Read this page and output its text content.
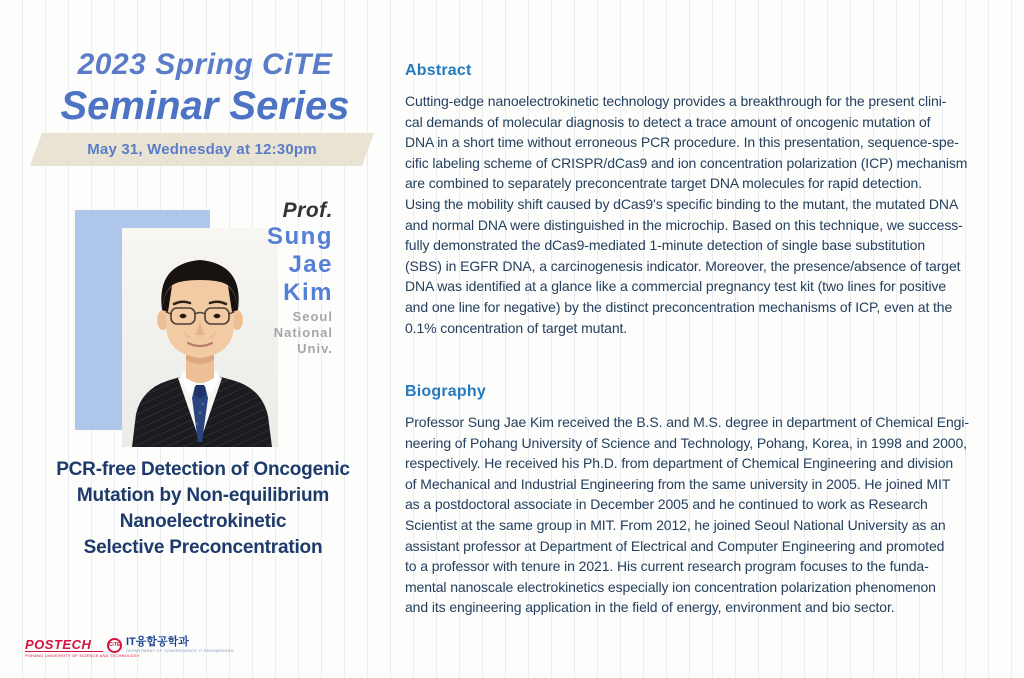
2023 Spring CiTE
Seminar Series
May 31, Wednesday at 12:30pm
Prof.
Sung
Jae
Kim
Seoul
National
Univ.
PCR-free Detection of Oncogenic
Mutation by Non-equilibrium
Nanoelectrokinetic
Selective Preconcentration
Abstract
Cutting-edge nanoelectrokinetic technology provides a breakthrough for the present clini-
cal demands of molecular diagnosis to detect a trace amount of oncogenic mutation of
DNA in a short time without erroneous PCR procedure. In this presentation, sequence-spe-
cific labeling scheme of CRISPR/dCas9 and ion concentration polarization (ICP) mechanism
are combined to separately preconcentrate target DNA molecules for rapid detection.
Using the mobility shift caused by dCas9's specific binding to the mutant, the mutated DNA
and normal DNA were distinguished in the microchip. Based on this technique, we success-
fully demonstrated the dCas9-mediated 1-minute detection of single base substitution
(SBS) in EGFR DNA, a carcinogenesis indicator. Moreover, the presence/absence of target
DNA was identified at a glance like a commercial pregnancy test kit (two lines for positive
and one line for negative) by the distinct preconcentration mechanisms of ICP, even at the
0.1% concentration of target mutant.
Biography
Professor Sung Jae Kim received the B.S. and M.S. degree in department of Chemical Engi-
neering of Pohang University of Science and Technology, Pohang, Korea, in 1998 and 2000,
respectively. He received his Ph.D. from department of Chemical Engineering and division
of Mechanical and Industrial Engineering from the same university in 2005. He joined MIT
as a postdoctoral associate in December 2005 and he continued to work as Research
Scientist at the same group in MIT. From 2012, he joined Seoul National University as an
assistant professor at Department of Electrical and Computer Engineering and promoted
to a professor with tenure in 2021. His current research program focuses to the funda-
mental nanoscale electrokinetics especially ion concentration polarization phenomenon
and its engineering application in the field of energy, environment and bio sector.
POSTECH
POHANG UNIVERSITY OF SCIENCE AND TECHNOLOGY
CiTE IT융합공학과
DEPARTMENT OF CONVERGENCE IT ENGINEERING
